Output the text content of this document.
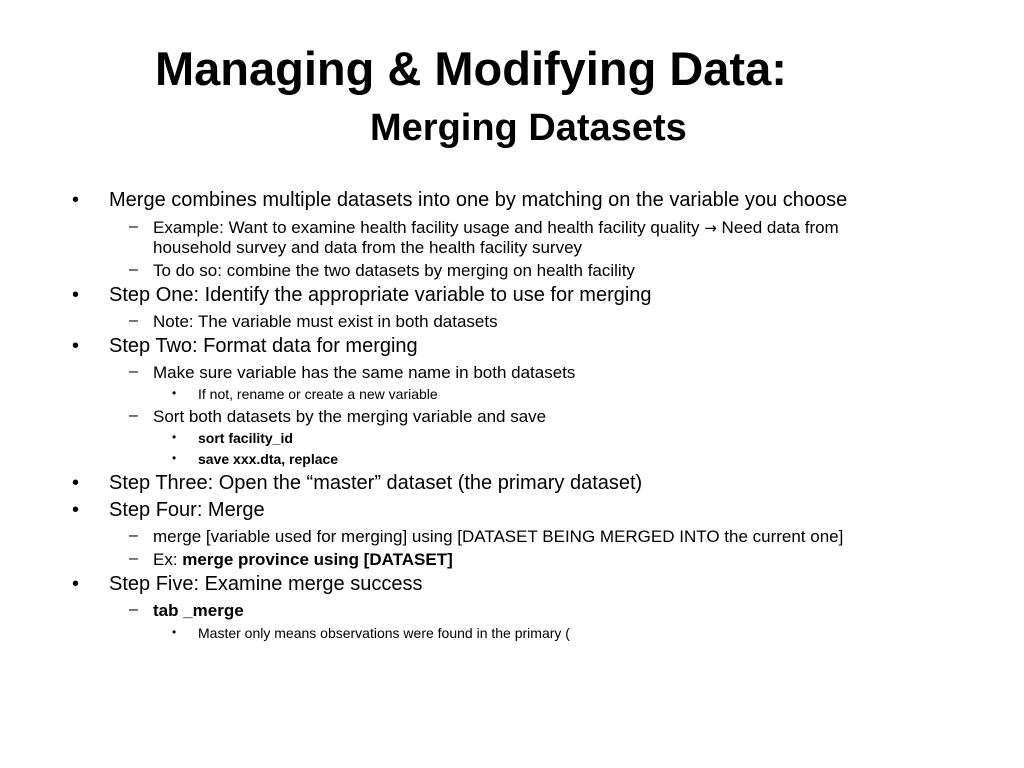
Managing & Modifying Data:
Merging Datasets
• Merge combines multiple datasets into one by matching on the variable you choose
– Example: Want to examine health facility usage and health facility quality → Need data from
household survey and data from the health facility survey
– To do so: combine the two datasets by merging on health facility
• Step One: Identify the appropriate variable to use for merging
– Note: The variable must exist in both datasets
• Step Two: Format data for merging
– Make sure variable has the same name in both datasets
• If not, rename or create a new variable
– Sort both datasets by the merging variable and save
• sort facility_id
• save xxx.dta, replace
• Step Three: Open the “master” dataset (the primary dataset)
• Step Four: Merge
– merge [variable used for merging] using [DATASET BEING MERGED INTO the current one]
– Ex: merge province using [DATASET]
• Step Five: Examine merge success
– tab _merge
• Master only means observations were found in the primary (
